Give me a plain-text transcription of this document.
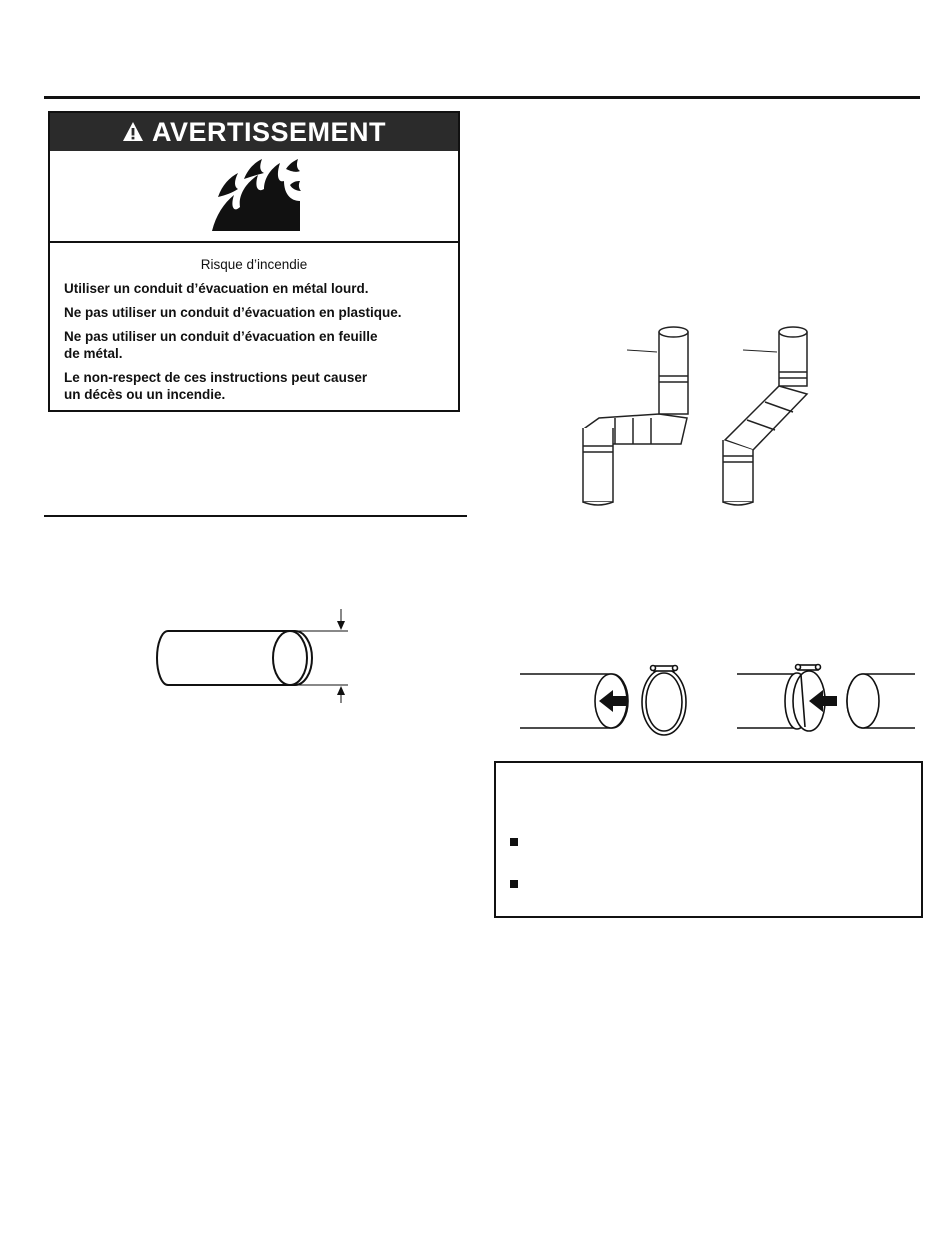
AVERTISSEMENT
Risque d’incendie
Utiliser un conduit d’évacuation en métal lourd.
Ne pas utiliser un conduit d’évacuation en plastique.
Ne pas utiliser un conduit d’évacuation en feuille
de métal.
Le non-respect de ces instructions peut causer
un décès ou un incendie.
